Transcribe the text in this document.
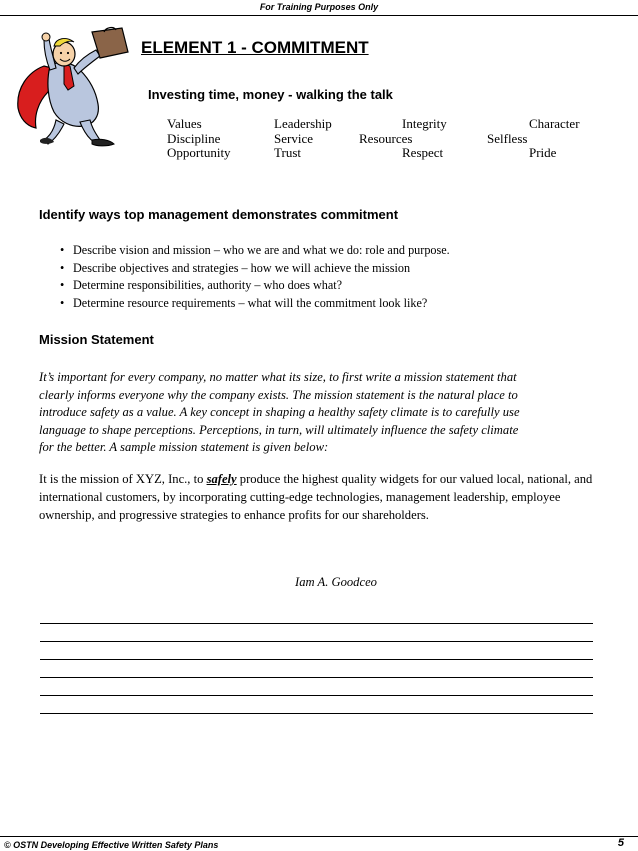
For Training Purposes Only
ELEMENT 1 - COMMITMENT
Investing time, money - walking the talk
Values	Leadership	Integrity	Character
Discipline	Service	Resources	Selfless
Opportunity	Trust	Respect	Pride
Identify ways top management demonstrates commitment
• Describe vision and mission – who we are and what we do: role and purpose.
• Describe objectives and strategies – how we will achieve the mission
• Determine responsibilities, authority – who does what?
• Determine resource requirements – what will the commitment look like?
Mission Statement

It’s important for every company, no matter what its size, to first write a mission statement that
clearly informs everyone why the company exists. The mission statement is the natural place to
introduce safety as a value. A key concept in shaping a healthy safety climate is to carefully use
language to shape perceptions. Perceptions, in turn, will ultimately influence the safety climate
for the better. A sample mission statement is given below:

It is the mission of XYZ, Inc., to safely produce the highest quality widgets for our valued local, national, and international customers, by incorporating cutting-edge technologies, management leadership, employee ownership, and progressive strategies to enhance profits for our shareholders.

Iam A. Goodceo
© OSTN Developing Effective Written Safety Plans	5
